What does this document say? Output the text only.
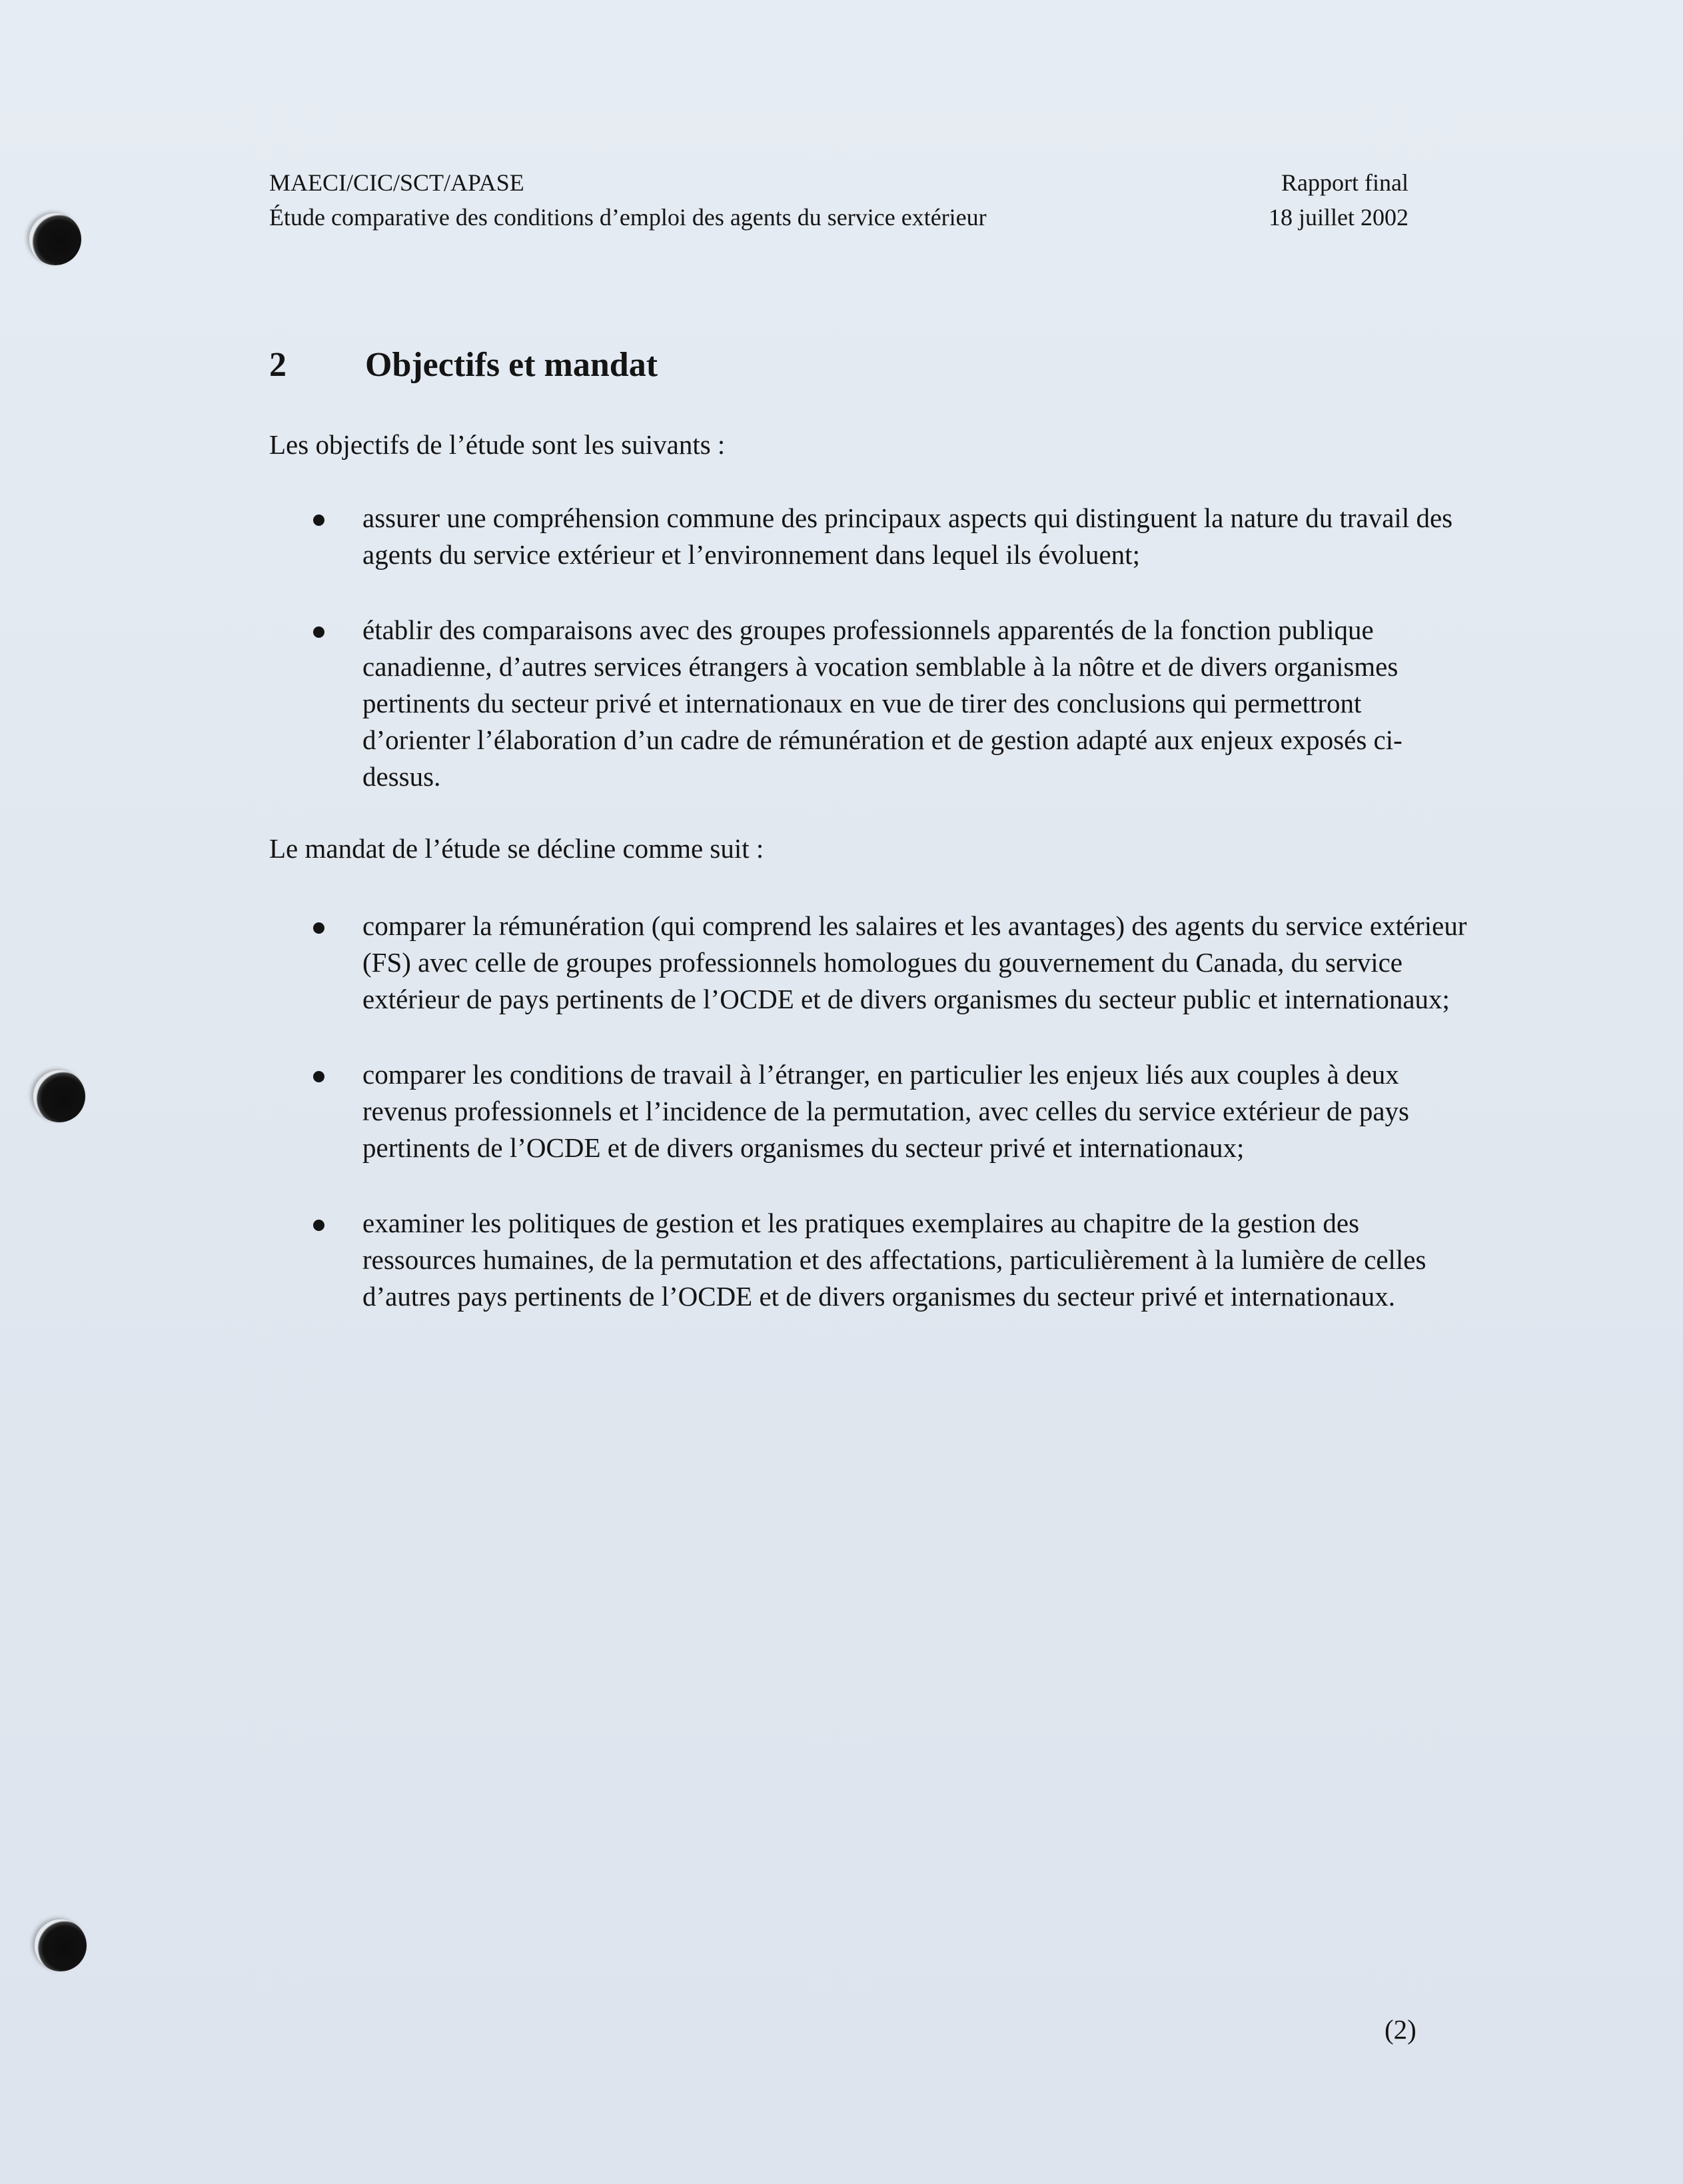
MAECI/CIC/SCT/APASE
Étude comparative des conditions d’emploi des agents du service extérieur
Rapport final
18 juillet 2002
2 Objectifs et mandat

Les objectifs de l’étude sont les suivants :

assurer une compréhension commune des principaux aspects qui distinguent la nature du travail des agents du service extérieur et l’environnement dans lequel ils évoluent;
établir des comparaisons avec des groupes professionnels apparentés de la fonction publique canadienne, d’autres services étrangers à vocation semblable à la nôtre et de divers organismes pertinents du secteur privé et internationaux en vue de tirer des conclusions qui permettront d’orienter l’élaboration d’un cadre de rémunération et de gestion adapté aux enjeux exposés ci-dessus.

Le mandat de l’étude se décline comme suit :

comparer la rémunération (qui comprend les salaires et les avantages) des agents du service extérieur (FS) avec celle de groupes professionnels homologues du gouvernement du Canada, du service extérieur de pays pertinents de l’OCDE et de divers organismes du secteur public et internationaux;
comparer les conditions de travail à l’étranger, en particulier les enjeux liés aux couples à deux revenus professionnels et l’incidence de la permutation, avec celles du service extérieur de pays pertinents de l’OCDE et de divers organismes du secteur privé et internationaux;
examiner les politiques de gestion et les pratiques exemplaires au chapitre de la gestion des ressources humaines, de la permutation et des affectations, particulièrement à la lumière de celles d’autres pays pertinents de l’OCDE et de divers organismes du secteur privé et internationaux.
(2)
